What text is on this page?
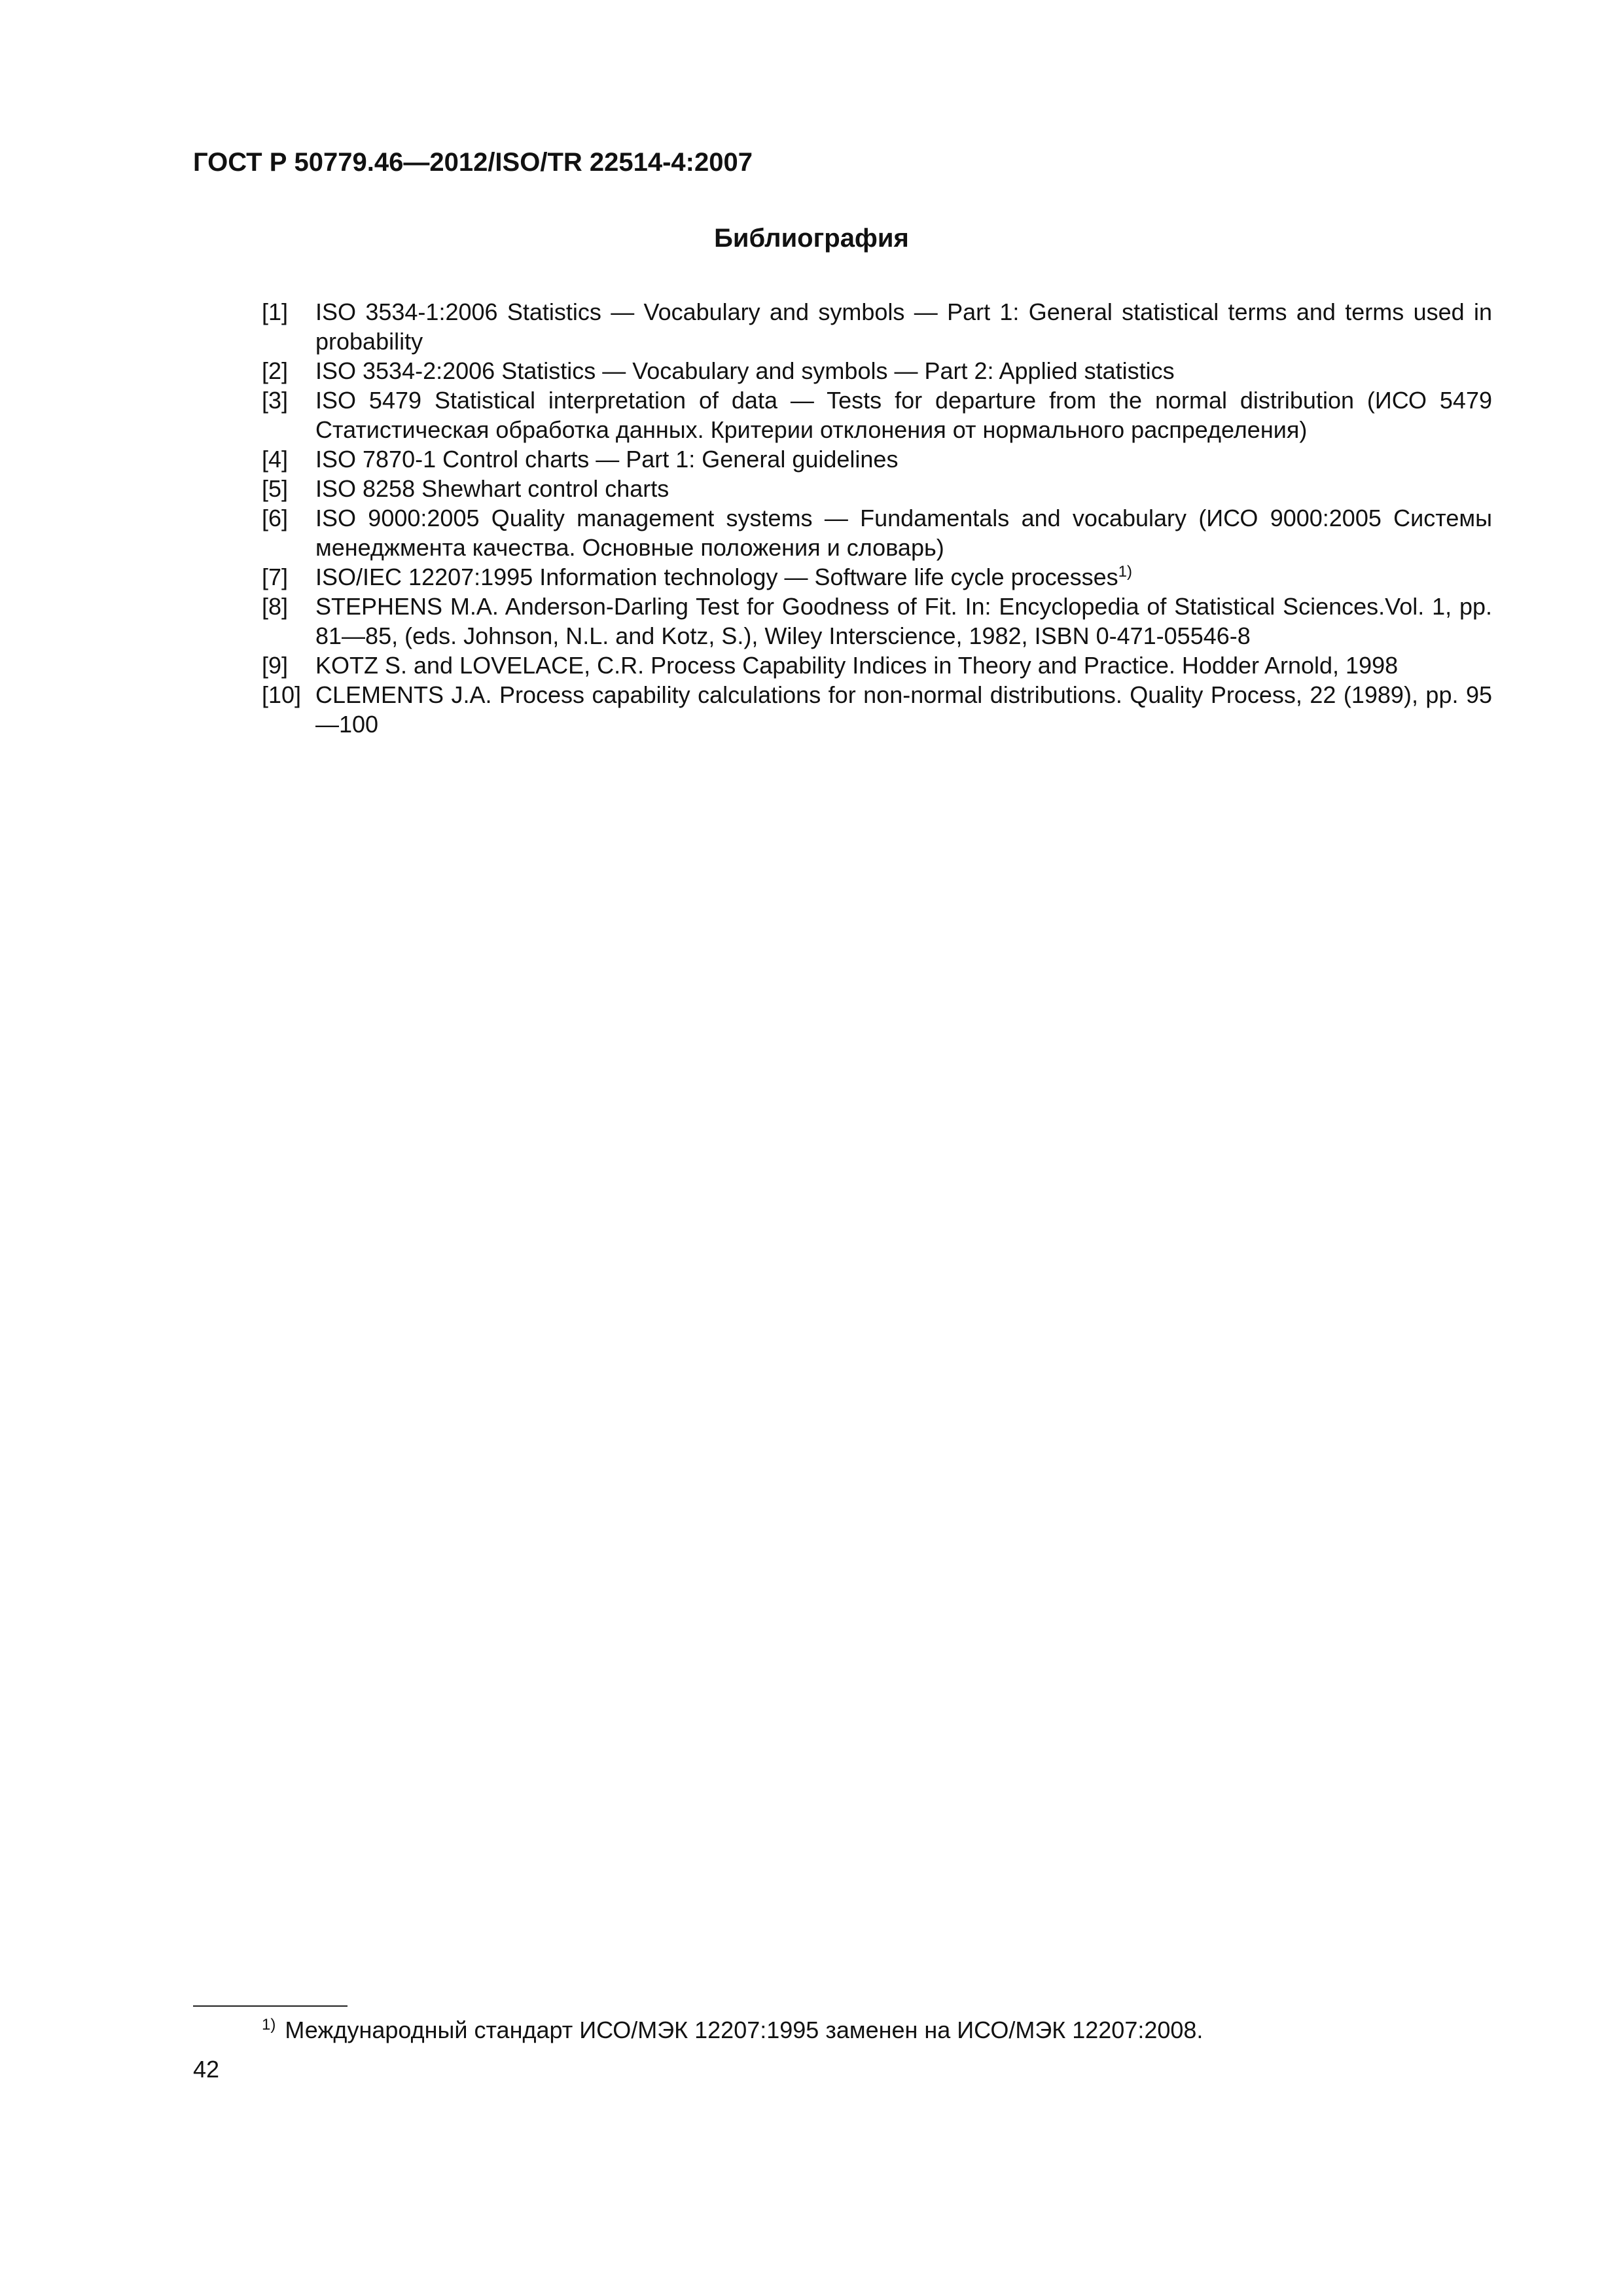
ГОСТ Р 50779.46—2012/ISO/TR 22514-4:2007
Библиография
[1]	ISO 3534-1:2006 Statistics — Vocabulary and symbols — Part 1: General statistical terms and terms used in probability
[2]	ISO 3534-2:2006 Statistics — Vocabulary and symbols — Part 2: Applied statistics
[3]	ISO 5479 Statistical interpretation of data — Tests for departure from the normal distribution (ИСО 5479 Статистическая обработка данных. Критерии отклонения от нормального распределения)
[4]	ISO 7870-1 Control charts — Part 1: General guidelines
[5]	ISO 8258 Shewhart control charts
[6]	ISO 9000:2005 Quality management systems — Fundamentals and vocabulary (ИСО 9000:2005 Системы менеджмента качества. Основные положения и словарь)
[7]	ISO/IEC 12207:1995 Information technology — Software life cycle processes$^{1)}$
[8]	STEPHENS M.A. Anderson-Darling Test for Goodness of Fit. In: Encyclopedia of Statistical Sciences.Vol. 1, pp. 81—85, (eds. Johnson, N.L. and Kotz, S.), Wiley Interscience, 1982, ISBN 0-471-05546-8
[9]	KOTZ S. and LOVELACE, C.R. Process Capability Indices in Theory and Practice. Hodder Arnold, 1998
[10] CLEMENTS J.A. Process capability calculations for non-normal distributions. Quality Process, 22 (1989), pp. 95—100
$^{1)}$ Международный стандарт ИСО/МЭК 12207:1995 заменен на ИСО/МЭК 12207:2008.
42
